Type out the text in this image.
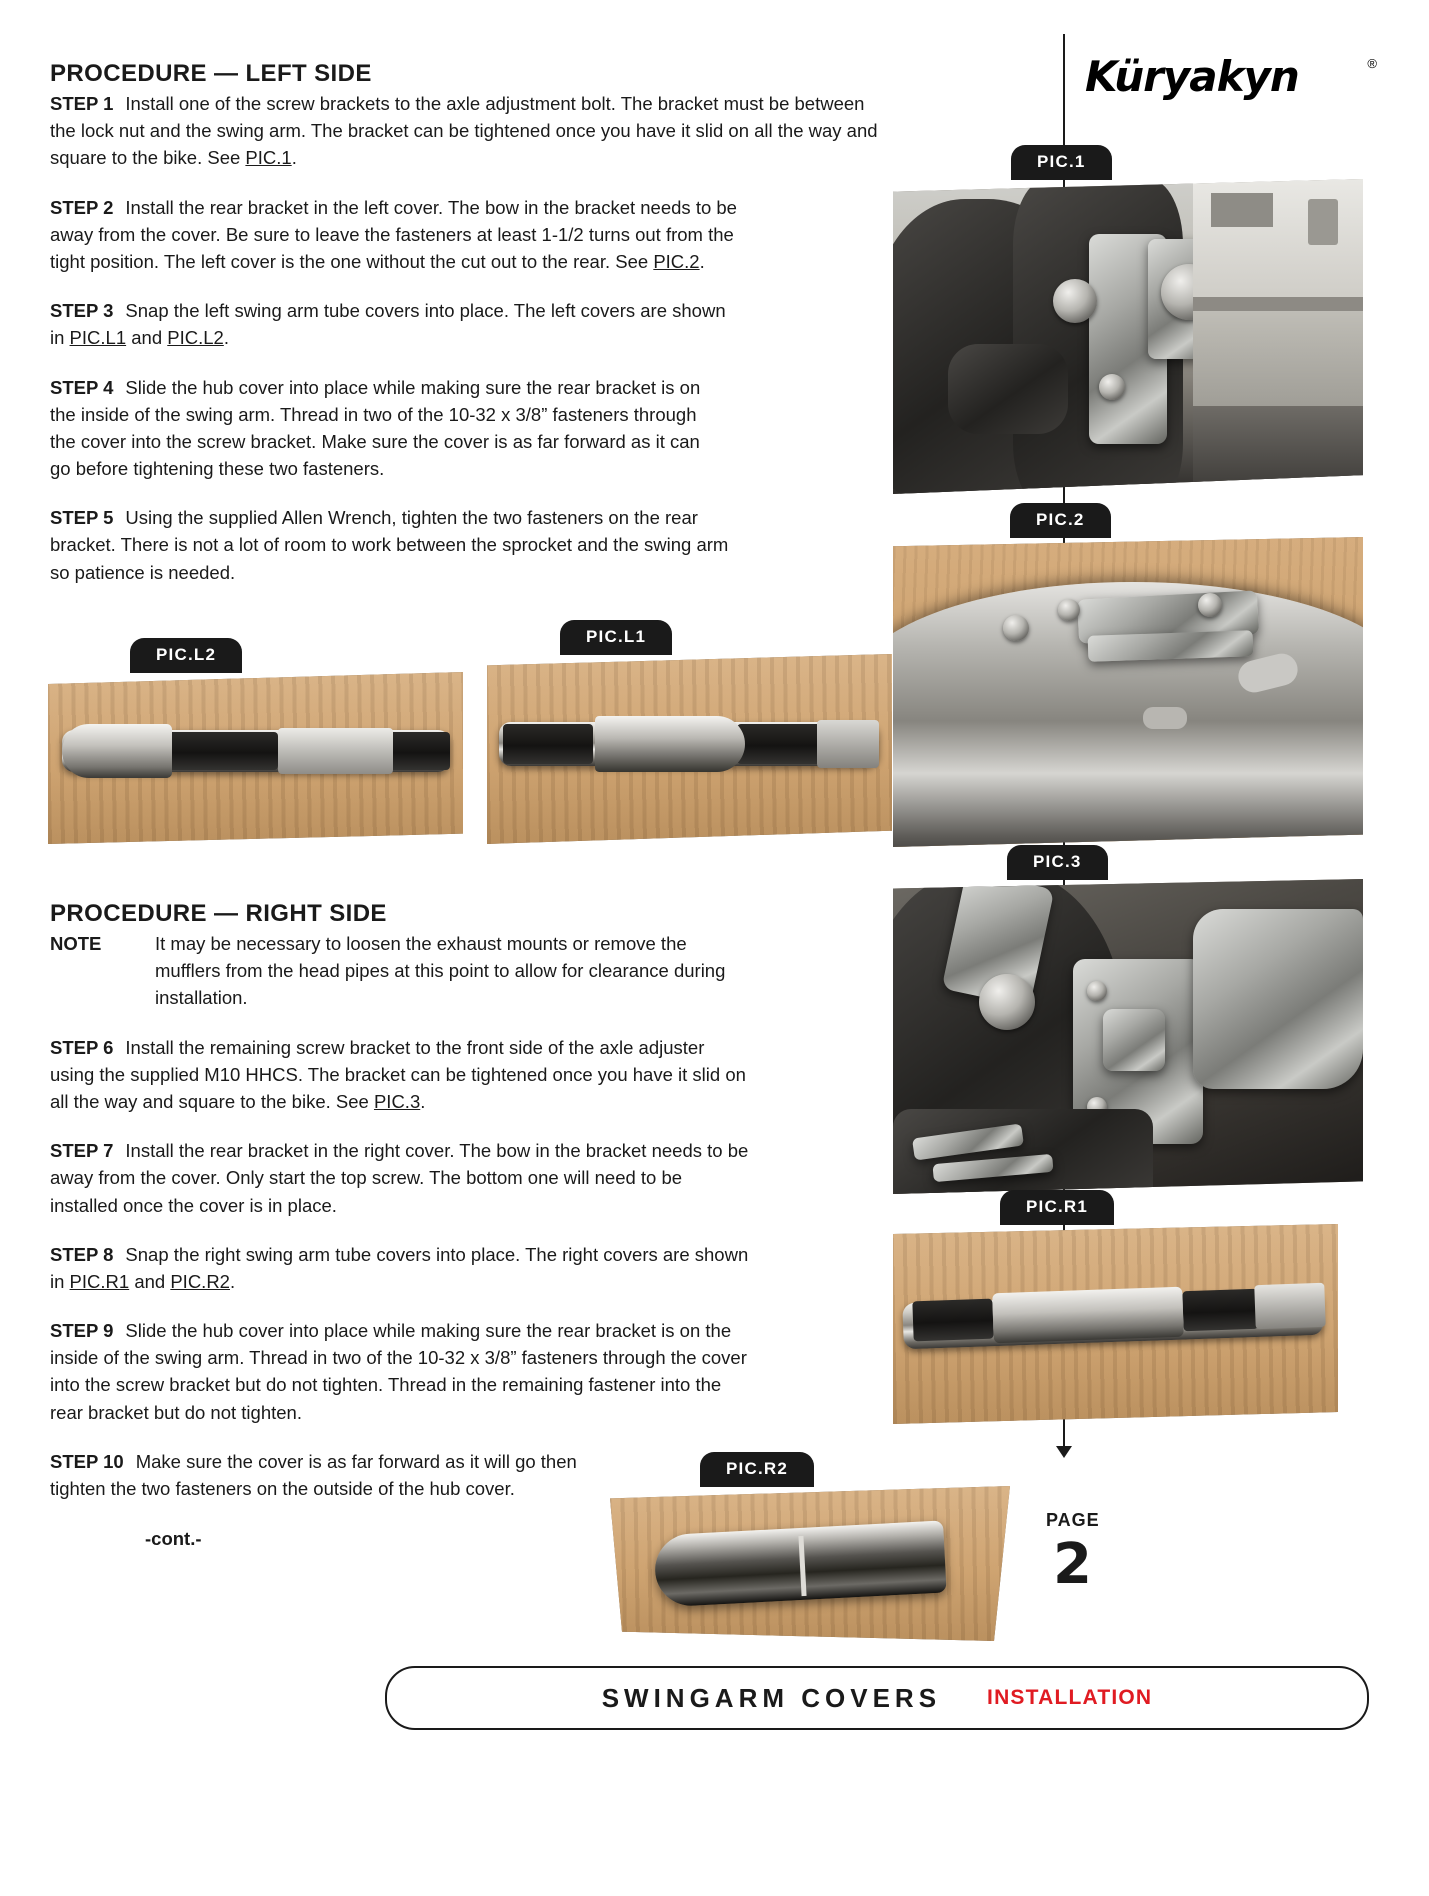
Küryakyn	®
PROCEDURE — LEFT SIDE

STEP 1 Install one of the screw brackets to the axle adjustment bolt. The bracket must be between the lock nut and the swing arm. The bracket can be tightened once you have it slid on all the way and square to the bike. See PIC.1.

STEP 2 Install the rear bracket in the left cover. The bow in the bracket needs to be away from the cover. Be sure to leave the fasteners at least 1-1/2 turns out from the tight position. The left cover is the one without the cut out to the rear. See PIC.2.

STEP 3 Snap the left swing arm tube covers into place. The left covers are shown in PIC.L1 and PIC.L2.

STEP 4 Slide the hub cover into place while making sure the rear bracket is on the inside of the swing arm. Thread in two of the 10-32 x 3/8” fasteners through the cover into the screw bracket. Make sure the cover is as far forward as it can go before tightening these two fasteners.

STEP 5 Using the supplied Allen Wrench, tighten the two fasteners on the rear bracket. There is not a lot of room to work between the sprocket and the swing arm so patience is needed.

PROCEDURE — RIGHT SIDE
NOTE	It may be necessary to loosen the exhaust mounts or remove the mufflers from the head pipes at this point to allow for clearance during installation.

STEP 6 Install the remaining screw bracket to the front side of the axle adjuster using the supplied M10 HHCS. The bracket can be tightened once you have it slid on all the way and square to the bike. See PIC.3.

STEP 7 Install the rear bracket in the right cover. The bow in the bracket needs to be away from the cover. Only start the top screw. The bottom one will need to be installed once the cover is in place.

STEP 8 Snap the right swing arm tube covers into place. The right covers are shown in PIC.R1 and PIC.R2.

STEP 9 Slide the hub cover into place while making sure the rear bracket is on the inside of the swing arm. Thread in two of the 10-32 x 3/8” fasteners through the cover into the screw bracket but do not tighten. Thread in the remaining fastener into the rear bracket but do not tighten.

STEP 10 Make sure the cover is as far forward as it will go then tighten the two fasteners on the outside of the hub cover.

-cont.-
PIC.1
PIC.2
PIC.3
PIC.L1
PIC.L2
PIC.R1
PIC.R2
PAGE
2
SWINGARM COVERS INSTALLATION
